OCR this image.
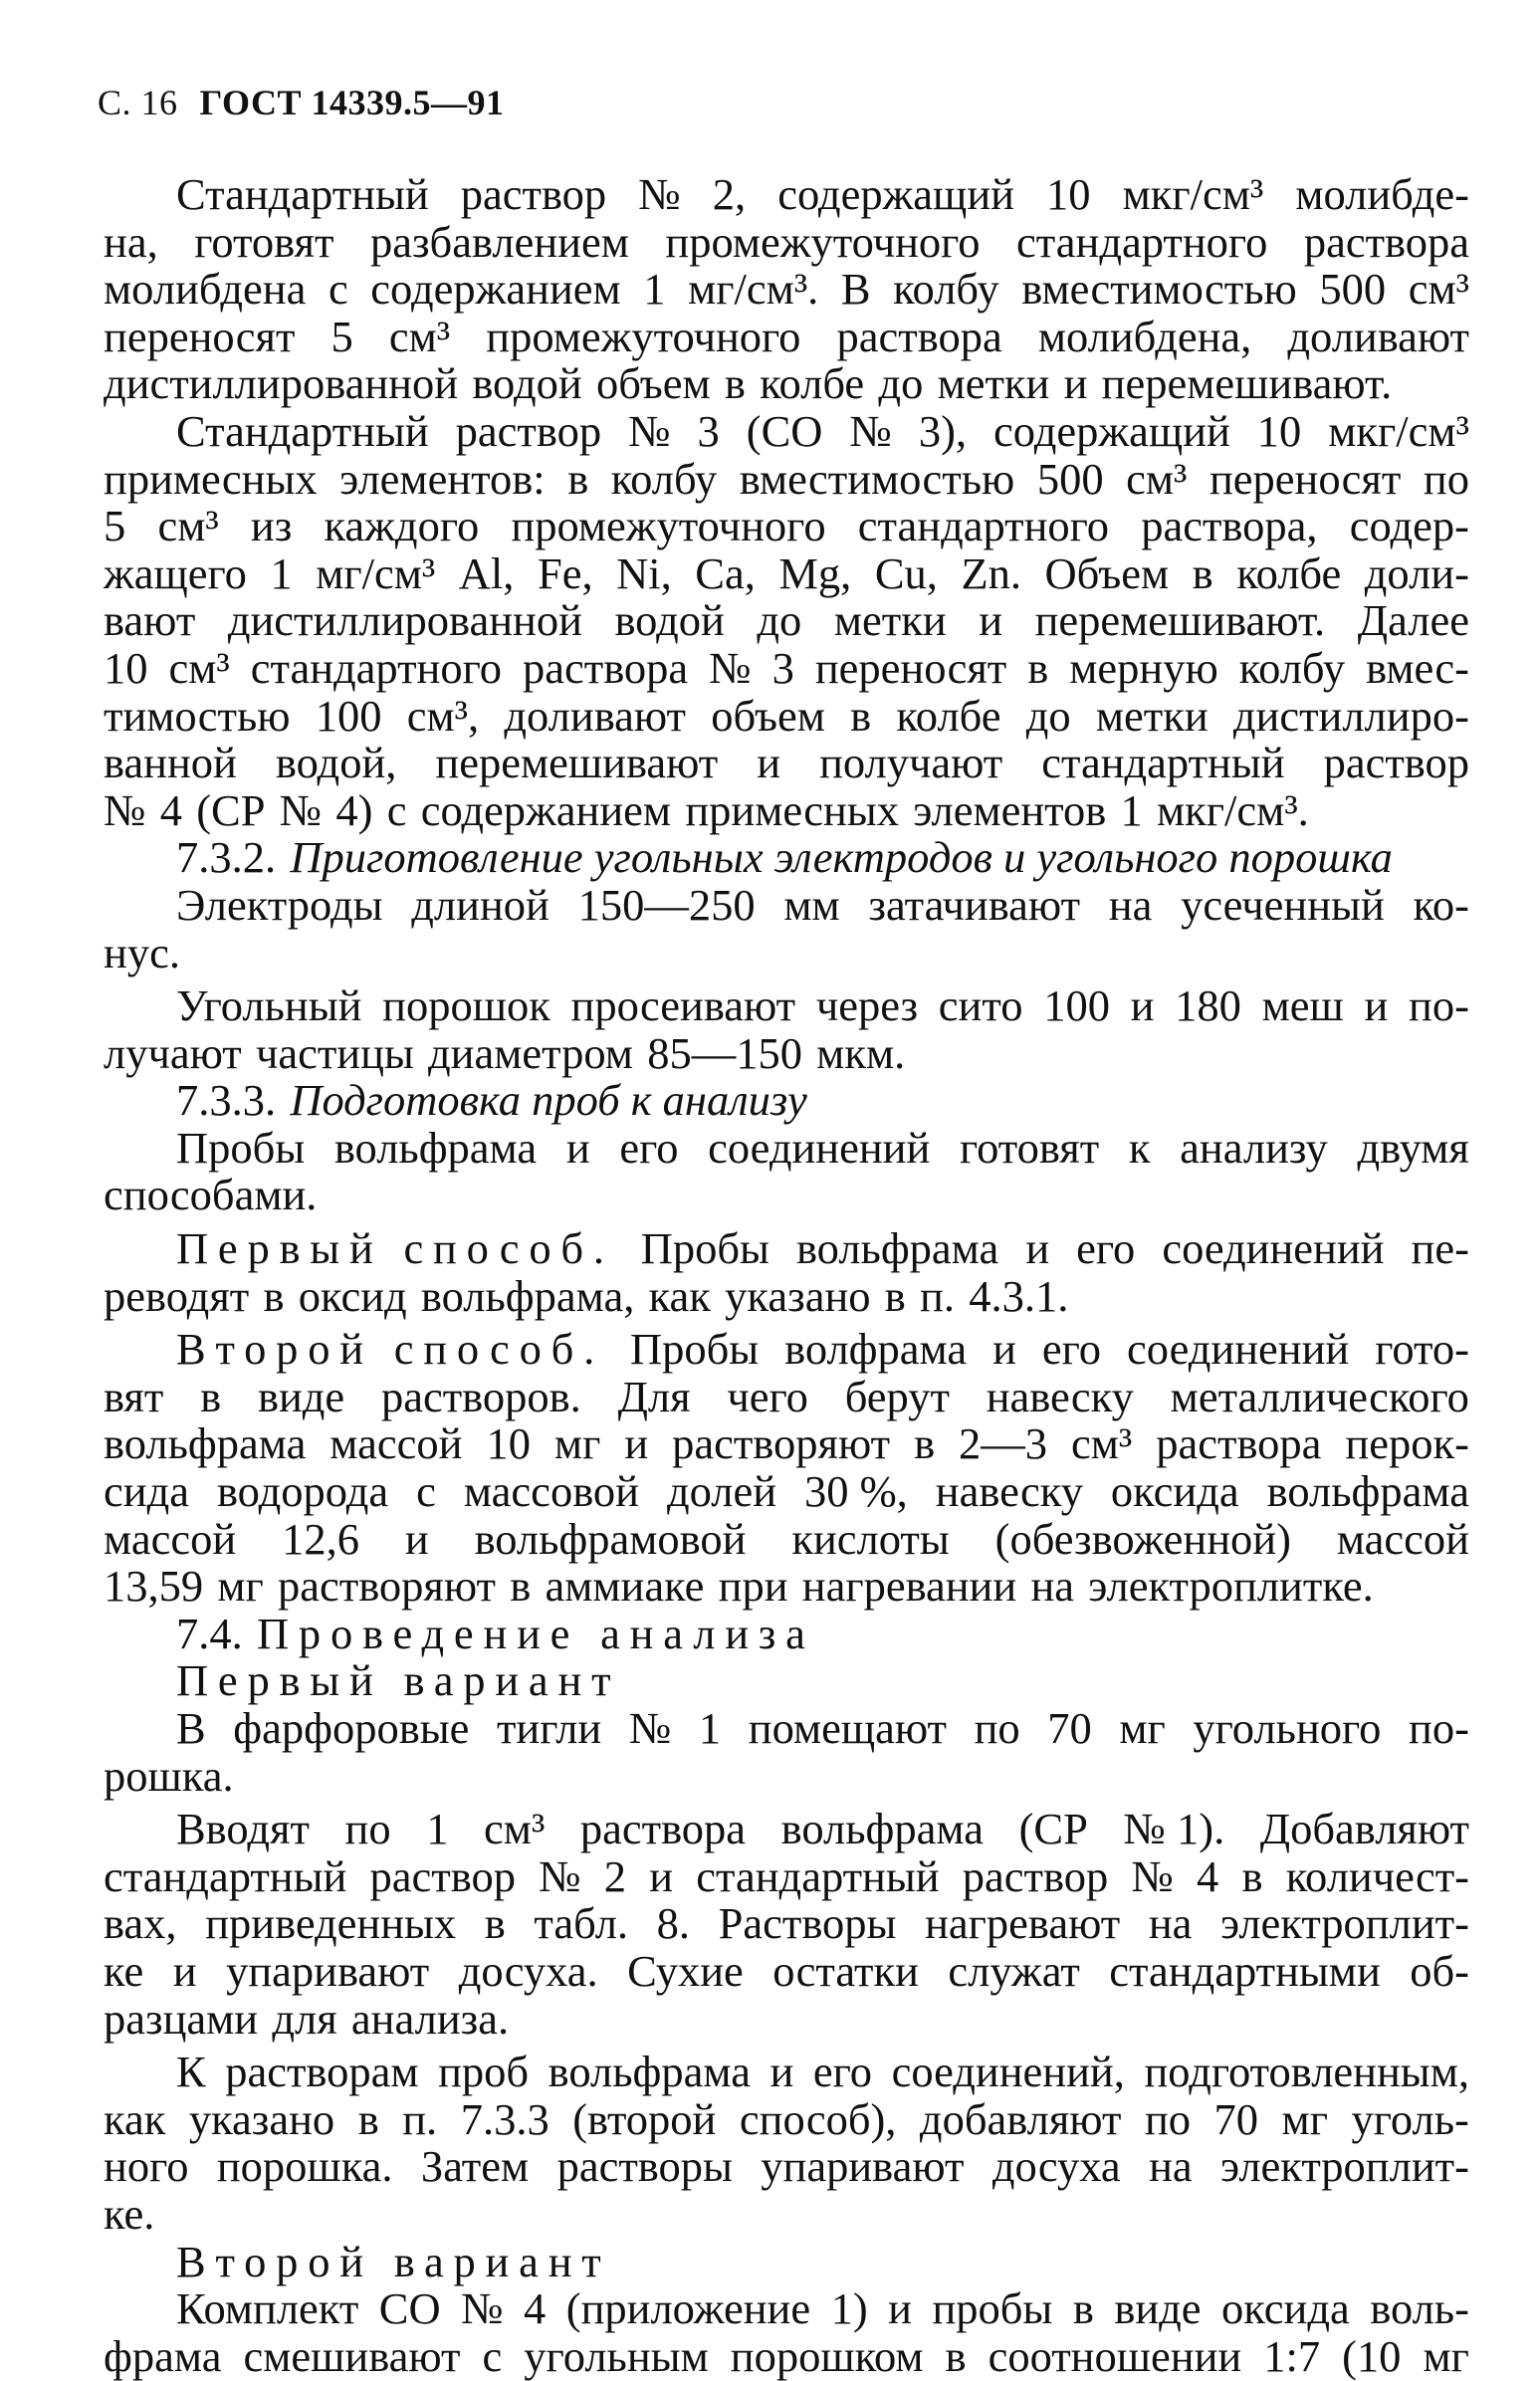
С. 16 ГОСТ 14339.5—91
Стандартный раствор № 2, содержащий 10 мкг/см³ молибде-
на, готовят разбавлением промежуточного стандартного раствора
молибдена с содержанием 1 мг/см³. В колбу вместимостью 500 см³
переносят 5 см³ промежуточного раствора молибдена, доливают
дистиллированной водой объем в колбе до метки и перемешивают.
Стандартный раствор № 3 (СО № 3), содержащий 10 мкг/см³
примесных элементов: в колбу вместимостью 500 см³ переносят по
5 см³ из каждого промежуточного стандартного раствора, содер-
жащего 1 мг/см³ Al, Fe, Ni, Ca, Mg, Cu, Zn. Объем в колбе доли-
вают дистиллированной водой до метки и перемешивают. Далее
10 см³ стандартного раствора № 3 переносят в мерную колбу вмес-
тимостью 100 см³, доливают объем в колбе до метки дистиллиро-
ванной водой, перемешивают и получают стандартный раствор
№ 4 (СР № 4) с содержанием примесных элементов 1 мкг/см³.
7.3.2. Приготовление угольных электродов и угольного порошка
Электроды длиной 150—250 мм затачивают на усеченный ко-
нус.
Угольный порошок просеивают через сито 100 и 180 меш и по-
лучают частицы диаметром 85—150 мкм.
7.3.3. Подготовка проб к анализу
Пробы вольфрама и его соединений готовят к анализу двумя
способами.
Первый способ. Пробы вольфрама и его соединений пе-
реводят в оксид вольфрама, как указано в п. 4.3.1.
Второй способ. Пробы волфрама и его соединений гото-
вят в виде растворов. Для чего берут навеску металлического
вольфрама массой 10 мг и растворяют в 2—3 см³ раствора перок-
сида водорода с массовой долей 30 %, навеску оксида вольфрама
массой 12,6 и вольфрамовой кислоты (обезвоженной) массой
13,59 мг растворяют в аммиаке при нагревании на электроплитке.
7.4. Проведение анализа
Первый вариант
В фарфоровые тигли № 1 помещают по 70 мг угольного по-
рошка.
Вводят по 1 см³ раствора вольфрама (СР № 1). Добавляют
стандартный раствор № 2 и стандартный раствор № 4 в количест-
вах, приведенных в табл. 8. Растворы нагревают на электроплит-
ке и упаривают досуха. Сухие остатки служат стандартными об-
разцами для анализа.
К растворам проб вольфрама и его соединений, подготовленным,
как указано в п. 7.3.3 (второй способ), добавляют по 70 мг уголь-
ного порошка. Затем растворы упаривают досуха на электроплит-
ке.
Второй вариант
Комплект СО № 4 (приложение 1) и пробы в виде оксида воль-
фрама смешивают с угольным порошком в соотношении 1:7 (10 мг
